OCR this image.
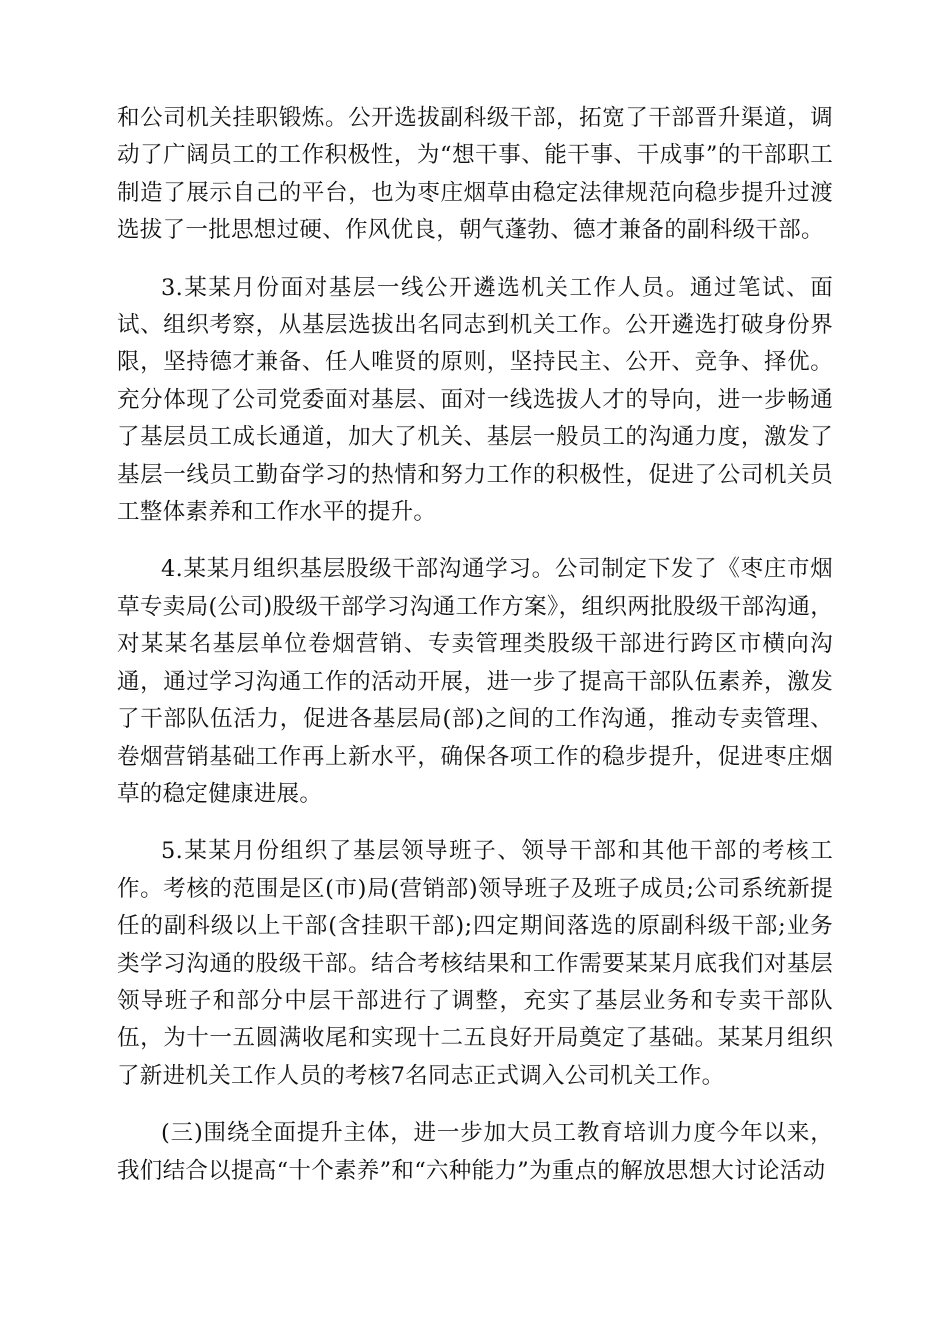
和公司机关挂职锻炼。公开选拔副科级干部，拓宽了干部晋升渠道，调动了广阔员工的工作积极性，为“想干事、能干事、干成事”的干部职工制造了展示自己的平台，也为枣庄烟草由稳定法律规范向稳步提升过渡选拔了一批思想过硬、作风优良，朝气蓬勃、德才兼备的副科级干部。

3.某某月份面对基层一线公开遴选机关工作人员。通过笔试、面试、组织考察，从基层选拔出名同志到机关工作。公开遴选打破身份界限，坚持德才兼备、任人唯贤的原则，坚持民主、公开、竞争、择优。充分体现了公司党委面对基层、面对一线选拔人才的导向，进一步畅通了基层员工成长通道，加大了机关、基层一般员工的沟通力度，激发了基层一线员工勤奋学习的热情和努力工作的积极性，促进了公司机关员工整体素养和工作水平的提升。

4.某某月组织基层股级干部沟通学习。公司制定下发了《枣庄市烟草专卖局(公司)股级干部学习沟通工作方案》，组织两批股级干部沟通，对某某名基层单位卷烟营销、专卖管理类股级干部进行跨区市横向沟通，通过学习沟通工作的活动开展，进一步了提高干部队伍素养，激发了干部队伍活力，促进各基层局(部)之间的工作沟通，推动专卖管理、卷烟营销基础工作再上新水平，确保各项工作的稳步提升，促进枣庄烟草的稳定健康进展。

5.某某月份组织了基层领导班子、领导干部和其他干部的考核工作。考核的范围是区(市)局(营销部)领导班子及班子成员;公司系统新提任的副科级以上干部(含挂职干部);四定期间落选的原副科级干部;业务类学习沟通的股级干部。结合考核结果和工作需要某某月底我们对基层领导班子和部分中层干部进行了调整，充实了基层业务和专卖干部队伍，为十一五圆满收尾和实现十二五良好开局奠定了基础。某某月组织了新进机关工作人员的考核7名同志正式调入公司机关工作。

(三)围绕全面提升主体，进一步加大员工教育培训力度今年以来，我们结合以提高“十个素养”和“六种能力”为重点的解放思想大讨论活动
